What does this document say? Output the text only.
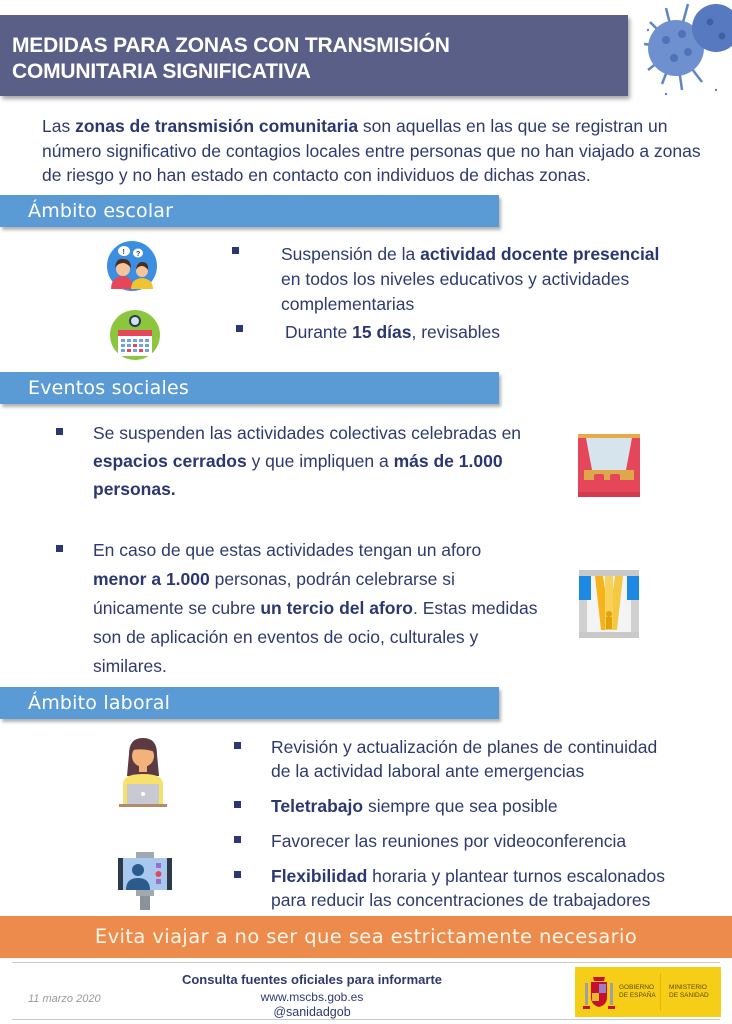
MEDIDAS PARA ZONAS CON TRANSMISIÓN
COMUNITARIA SIGNIFICATIVA
Las zonas de transmisión comunitaria son aquellas en las que se registran un número significativo de contagios locales entre personas que no han viajado a zonas de riesgo y no han estado en contacto con individuos de dichas zonas.
Ámbito escolar
! ?	Suspensión de la actividad docente presencial
en todos los niveles educativos y actividades
complementarias
Durante 15 días, revisables
Eventos sociales
Se suspenden las actividades colectivas celebradas en
espacios cerrados y que impliquen a más de 1.000
personas.
En caso de que estas actividades tengan un aforo
menor a 1.000 personas, podrán celebrarse si
únicamente se cubre un tercio del aforo. Estas medidas
son de aplicación en eventos de ocio, culturales y
similares.
Ámbito laboral
Revisión y actualización de planes de continuidad
de la actividad laboral ante emergencias
Teletrabajo siempre que sea posible
Favorecer las reuniones por videoconferencia
Flexibilidad horaria y plantear turnos escalonados
para reducir las concentraciones de trabajadores
Evita viajar a no ser que sea estrictamente necesario
Consulta fuentes oficiales para informarte
www.mscbs.gob.es
@sanidadgob
11 marzo 2020
GOBIERNO
DE ESPAÑA
MINISTERIO
DE SANIDAD
